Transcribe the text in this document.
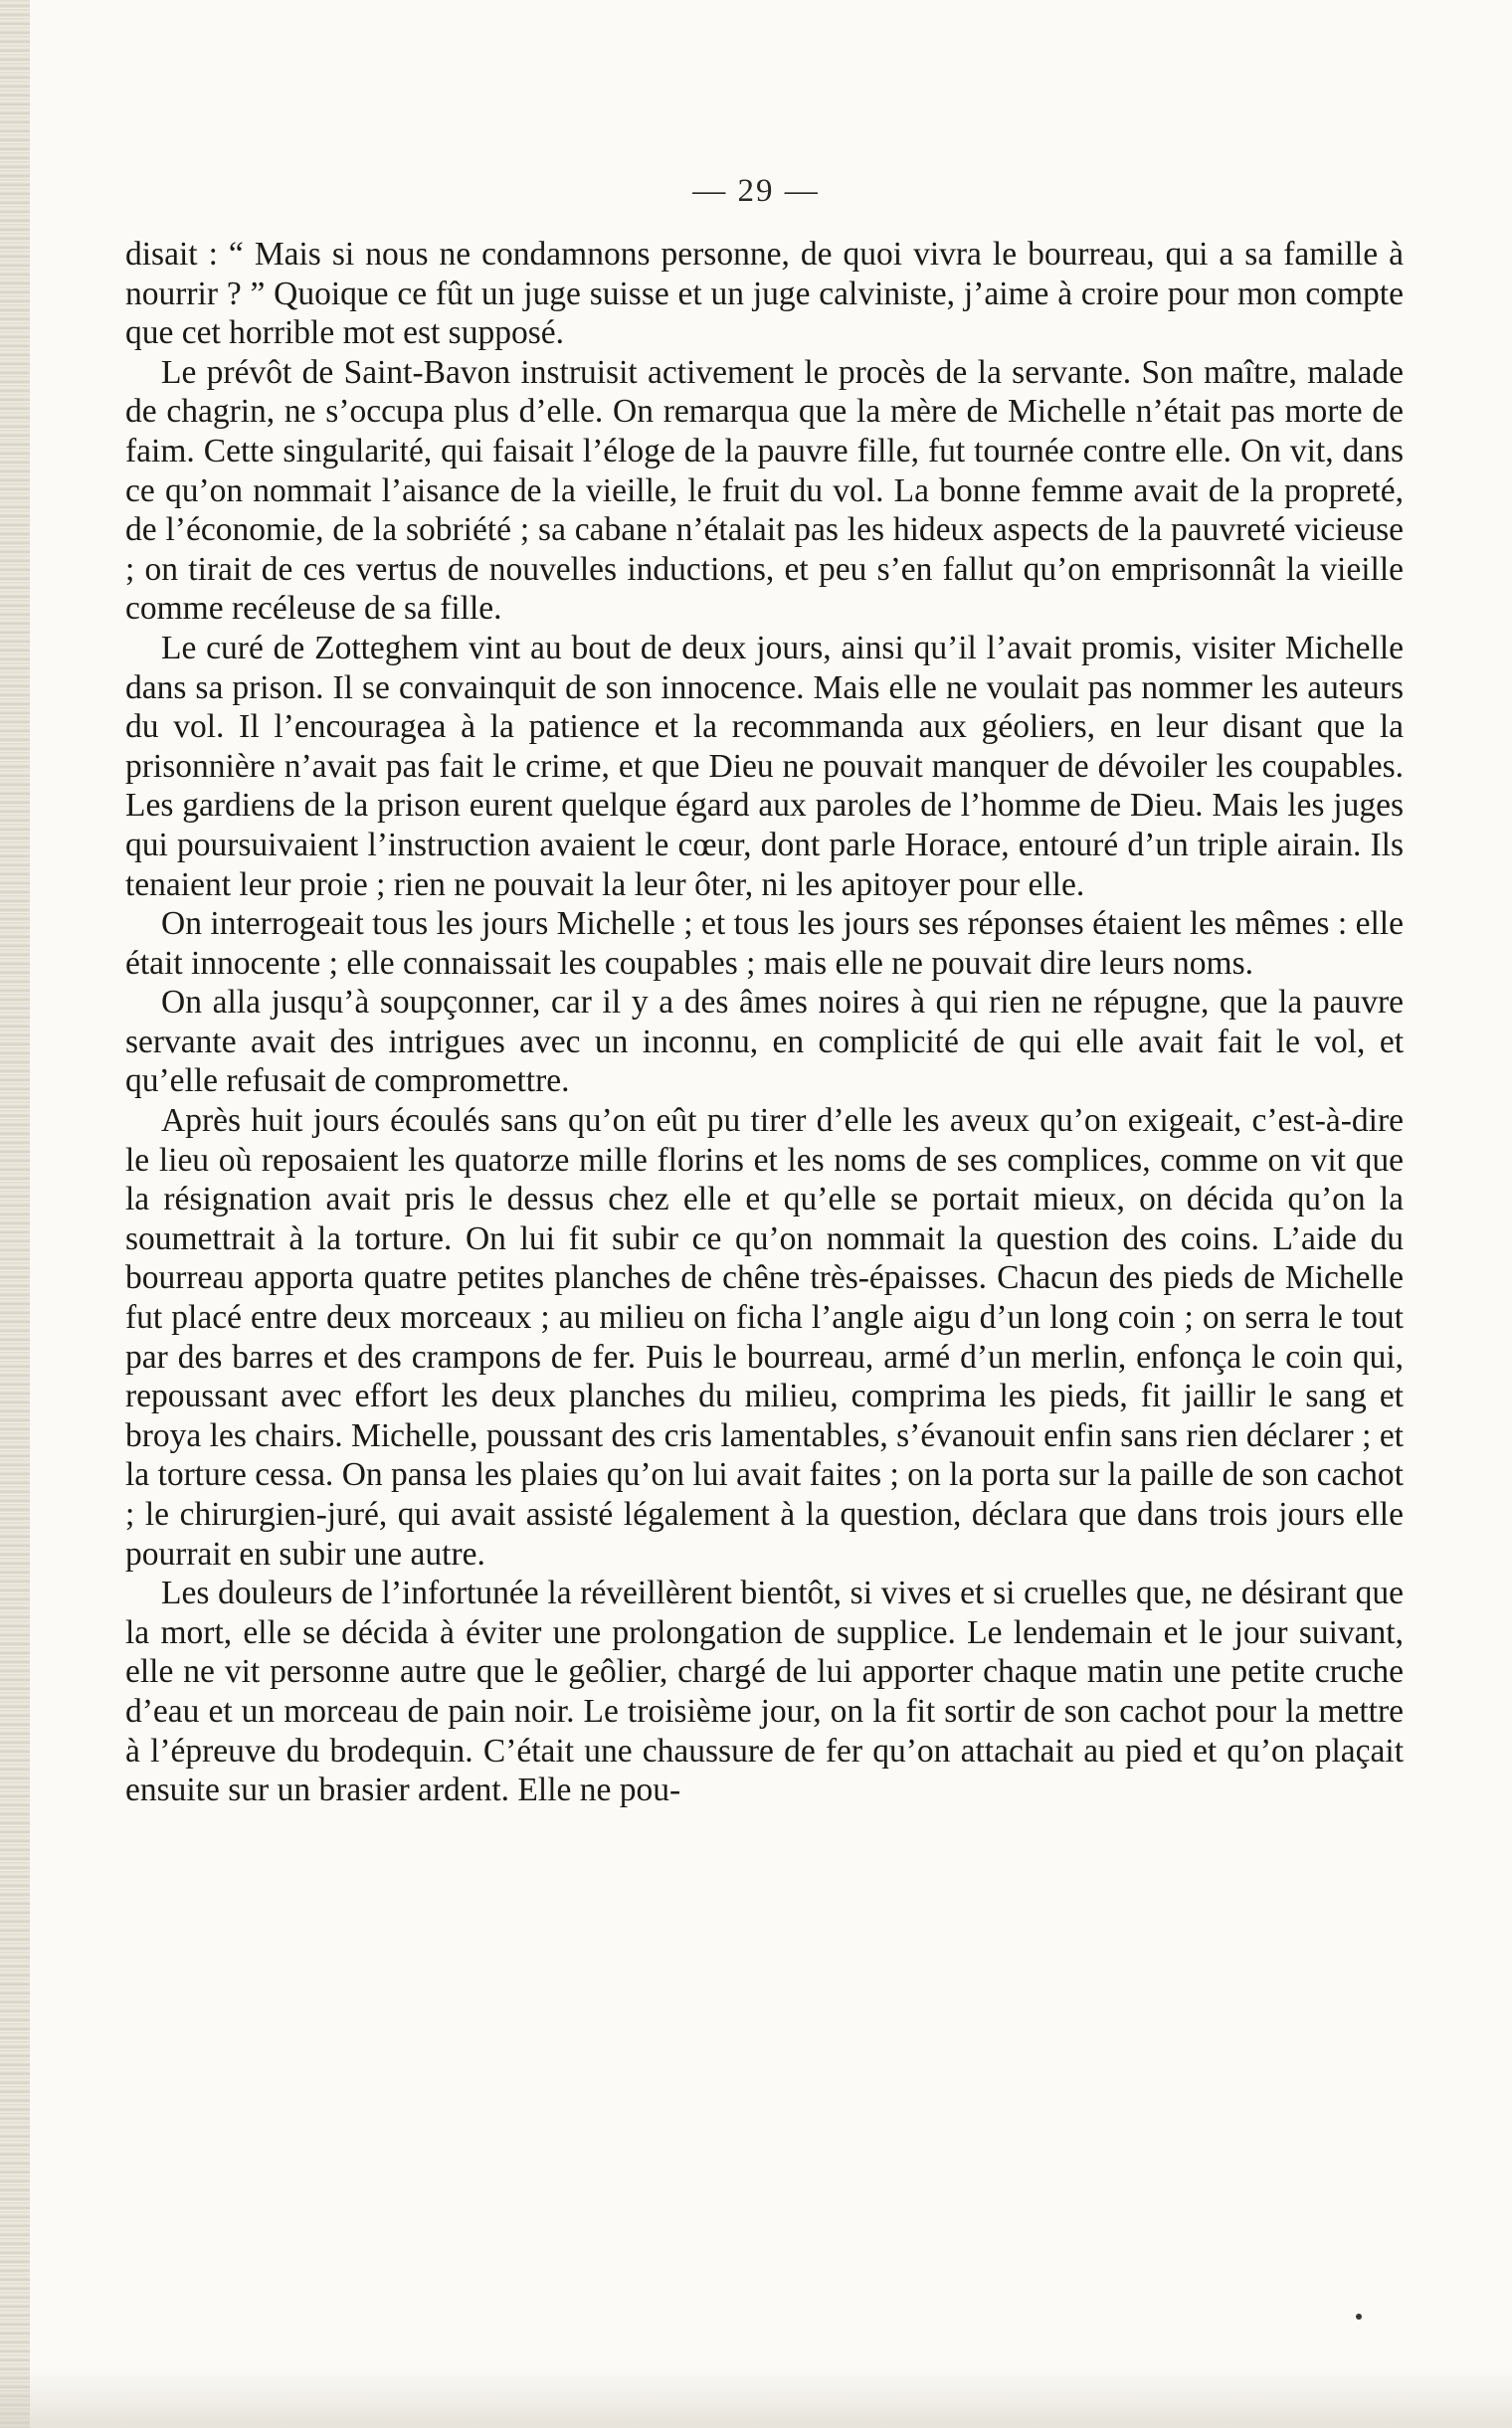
— 29 —

disait : “ Mais si nous ne condamnons personne, de quoi vivra le bourreau, qui a sa famille à nourrir ? ” Quoique ce fût un juge suisse et un juge calviniste, j’aime à croire pour mon compte que cet horrible mot est supposé.

Le prévôt de Saint-Bavon instruisit activement le procès de la servante. Son maître, malade de chagrin, ne s’occupa plus d’elle. On remarqua que la mère de Michelle n’était pas morte de faim. Cette singularité, qui faisait l’éloge de la pauvre fille, fut tournée contre elle. On vit, dans ce qu’on nommait l’aisance de la vieille, le fruit du vol. La bonne femme avait de la propreté, de l’économie, de la sobriété ; sa cabane n’étalait pas les hideux aspects de la pauvreté vicieuse ; on tirait de ces vertus de nouvelles inductions, et peu s’en fallut qu’on emprisonnât la vieille comme recéleuse de sa fille.

Le curé de Zotteghem vint au bout de deux jours, ainsi qu’il l’avait promis, visiter Michelle dans sa prison. Il se convainquit de son innocence. Mais elle ne voulait pas nommer les auteurs du vol. Il l’encouragea à la patience et la recommanda aux géoliers, en leur disant que la prisonnière n’avait pas fait le crime, et que Dieu ne pouvait manquer de dévoiler les coupables. Les gardiens de la prison eurent quelque égard aux paroles de l’homme de Dieu. Mais les juges qui poursuivaient l’instruction avaient le cœur, dont parle Horace, entouré d’un triple airain. Ils tenaient leur proie ; rien ne pouvait la leur ôter, ni les apitoyer pour elle.

On interrogeait tous les jours Michelle ; et tous les jours ses réponses étaient les mêmes : elle était innocente ; elle connaissait les coupables ; mais elle ne pouvait dire leurs noms.

On alla jusqu’à soupçonner, car il y a des âmes noires à qui rien ne répugne, que la pauvre servante avait des intrigues avec un inconnu, en complicité de qui elle avait fait le vol, et qu’elle refusait de compromettre.

Après huit jours écoulés sans qu’on eût pu tirer d’elle les aveux qu’on exigeait, c’est-à-dire le lieu où reposaient les quatorze mille florins et les noms de ses complices, comme on vit que la résignation avait pris le dessus chez elle et qu’elle se portait mieux, on décida qu’on la soumettrait à la torture. On lui fit subir ce qu’on nommait la question des coins. L’aide du bourreau apporta quatre petites planches de chêne très-épaisses. Chacun des pieds de Michelle fut placé entre deux morceaux ; au milieu on ficha l’angle aigu d’un long coin ; on serra le tout par des barres et des crampons de fer. Puis le bourreau, armé d’un merlin, enfonça le coin qui, repoussant avec effort les deux planches du milieu, comprima les pieds, fit jaillir le sang et broya les chairs. Michelle, poussant des cris lamentables, s’évanouit enfin sans rien déclarer ; et la torture cessa. On pansa les plaies qu’on lui avait faites ; on la porta sur la paille de son cachot ; le chirurgien-juré, qui avait assisté légalement à la question, déclara que dans trois jours elle pourrait en subir une autre.

Les douleurs de l’infortunée la réveillèrent bientôt, si vives et si cruelles que, ne désirant que la mort, elle se décida à éviter une prolongation de supplice. Le lendemain et le jour suivant, elle ne vit personne autre que le geôlier, chargé de lui apporter chaque matin une petite cruche d’eau et un morceau de pain noir. Le troisième jour, on la fit sortir de son cachot pour la mettre à l’épreuve du brodequin. C’était une chaussure de fer qu’on attachait au pied et qu’on plaçait ensuite sur un brasier ardent. Elle ne pou-
